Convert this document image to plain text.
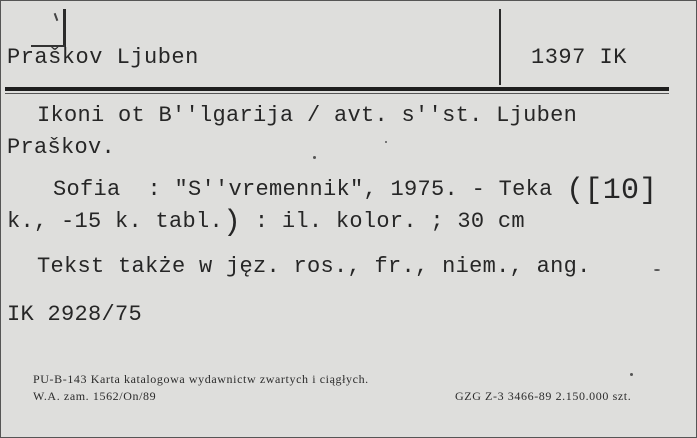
Praškov Ljuben	1397 IK
Ikoni ot B''lgarija / avt. s''st. Ljuben
Praškov.
Sofia  : "S''vremennik", 1975. - Teka ([10]
k., -15 k. tabl.) : il. kolor. ; 30 cm
Tekst także w jęz. ros., fr., niem., ang.
IK 2928/75
PU-B-143 Karta katalogowa wydawnictw zwartych i ciągłych.
W.A. zam. 1562/On/89	GZG Z-3 3466-89 2.150.000 szt.
